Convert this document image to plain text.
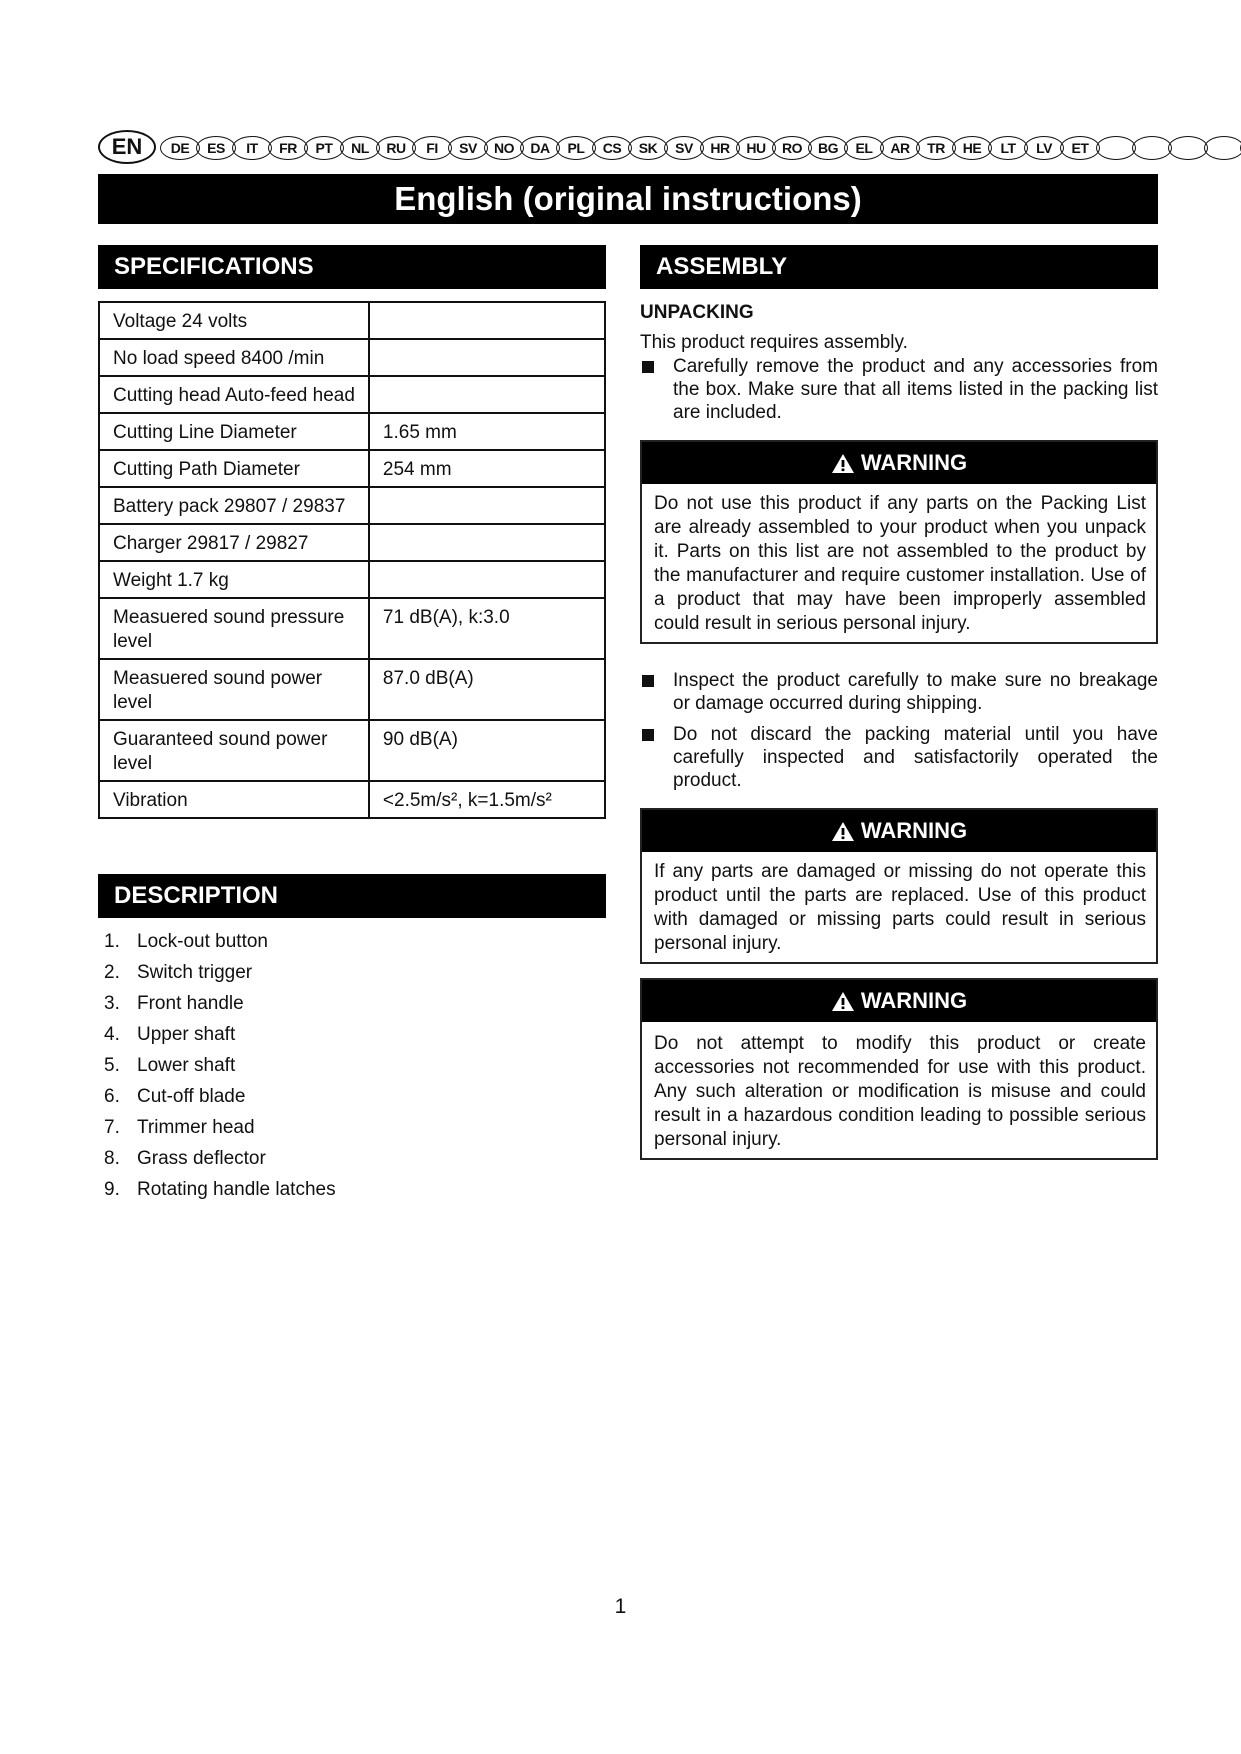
EN	DE	ES	IT	FR	PT	NL	RU	FI	SV	NO	DA	PL	CS	SK	SV	HR	HU	RO	BG	EL	AR	TR	HE	LT	LV	ET
English (original instructions)
SPECIFICATIONS
Voltage 24 volts	
No load speed 8400 /min	
Cutting head Auto-feed head	
Cutting Line Diameter	1.65 mm
Cutting Path Diameter	254 mm
Battery pack 29807 / 29837	
Charger 29817 / 29827	
Weight 1.7 kg	
Measuered sound pressure level	71 dB(A), k:3.0
Measuered sound power level	87.0 dB(A)
Guaranteed sound power level	90 dB(A)
Vibration	<2.5m/s², k=1.5m/s²
DESCRIPTION
1. Lock-out button
2. Switch trigger
3. Front handle
4. Upper shaft
5. Lower shaft
6. Cut-off blade
7. Trimmer head
8. Grass deflector
9. Rotating handle latches
ASSEMBLY
UNPACKING

This product requires assembly.

Carefully remove the product and any accessories from the box. Make sure that all items listed in the packing list are included.
WARNING
Do not use this product if any parts on the Packing List are already assembled to your product when you unpack it. Parts on this list are not assembled to the product by the manufacturer and require customer installation. Use of a product that may have been improperly assembled could result in serious personal injury.
Inspect the product carefully to make sure no breakage or damage occurred during shipping.
Do not discard the packing material until you have carefully inspected and satisfactorily operated the product.
WARNING
If any parts are damaged or missing do not operate this product until the parts are replaced. Use of this product with damaged or missing parts could result in serious personal injury.
WARNING
Do not attempt to modify this product or create accessories not recommended for use with this product. Any such alteration or modification is misuse and could result in a hazardous condition leading to possible serious personal injury.
1
